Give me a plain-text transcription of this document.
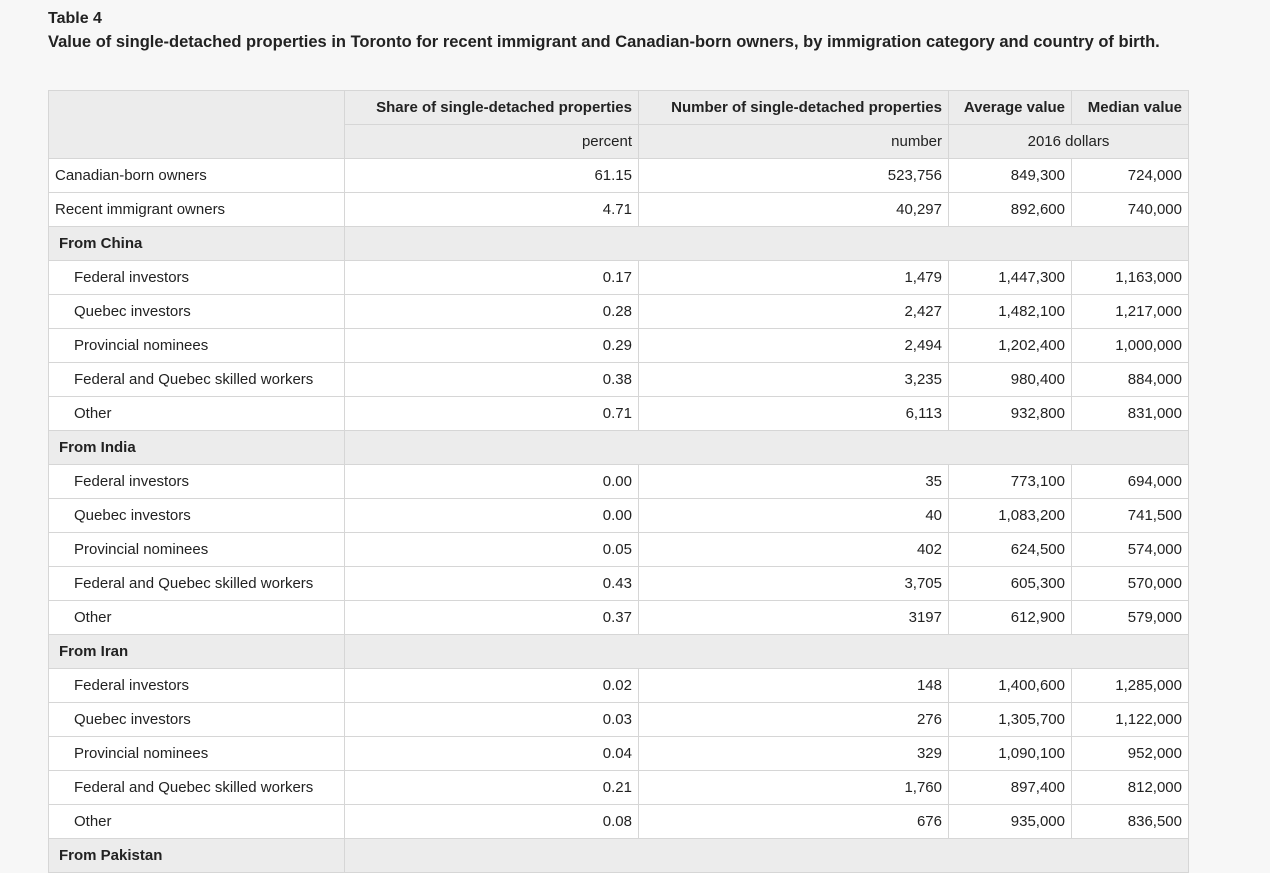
Table 4
Value of single-detached properties in Toronto for recent immigrant and Canadian-born owners, by immigration category and country of birth.
	Share of single-detached properties	Number of single-detached properties	Average value	Median value
	percent	number	2016 dollars	
Canadian-born owners	61.15	523,756	849,300	724,000
Recent immigrant owners	4.71	40,297	892,600	740,000
From China				
Federal investors	0.17	1,479	1,447,300	1,163,000
Quebec investors	0.28	2,427	1,482,100	1,217,000
Provincial nominees	0.29	2,494	1,202,400	1,000,000
Federal and Quebec skilled workers	0.38	3,235	980,400	884,000
Other	0.71	6,113	932,800	831,000
From India				
Federal investors	0.00	35	773,100	694,000
Quebec investors	0.00	40	1,083,200	741,500
Provincial nominees	0.05	402	624,500	574,000
Federal and Quebec skilled workers	0.43	3,705	605,300	570,000
Other	0.37	3197	612,900	579,000
From Iran				
Federal investors	0.02	148	1,400,600	1,285,000
Quebec investors	0.03	276	1,305,700	1,122,000
Provincial nominees	0.04	329	1,090,100	952,000
Federal and Quebec skilled workers	0.21	1,760	897,400	812,000
Other	0.08	676	935,000	836,500
From Pakistan				
